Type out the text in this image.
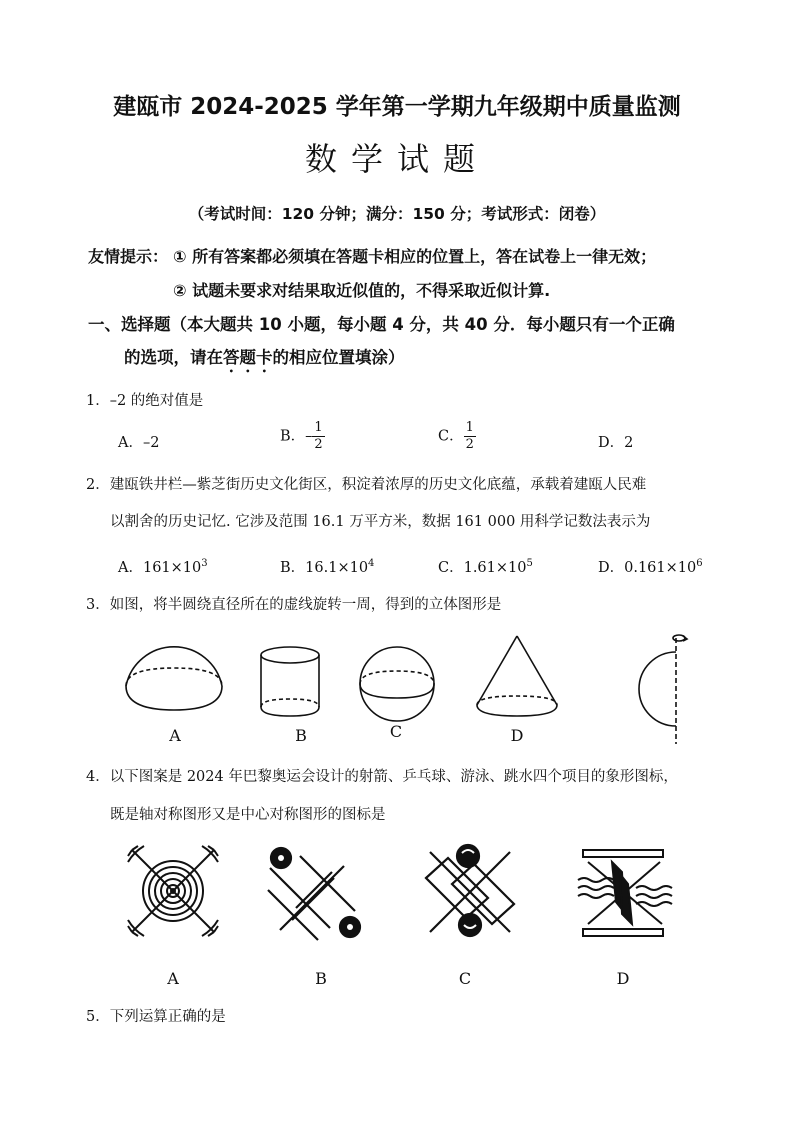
建瓯市 2024-2025 学年第一学期九年级期中质量监测
数学试题
（考试时间：120 分钟；满分：150 分；考试形式：闭卷）
友情提示： ① 所有答案都必须填在答题卡相应的位置上，答在试卷上一律无效；
② 试题未要求对结果取近似值的，不得采取近似计算.
一、选择题（本大题共 10 小题，每小题 4 分，共 40 分．每小题只有一个正确
的选项，请在答题卡的相应位置填涂）
1．–2 的绝对值是
A．–2	B．– $\frac{1}{2}$	C． $\frac{1}{2}$	D．2
2．建瓯铁井栏—紫芝街历史文化街区，积淀着浓厚的历史文化底蕴，承载着建瓯人民难
以割舍的历史记忆. 它涉及范围 16.1 万平方米，数据 161 000 用科学记数法表示为
A．$161\times 10^3$	B．$16.1\times 10^4$	C．$1.61\times 10^5$	D．$0.161\times 10^6$
3．如图，将半圆绕直径所在的虚线旋转一周，得到的立体图形是
A	B	C	D
4．以下图案是 2024 年巴黎奥运会设计的射箭、乒乓球、游泳、跳水四个项目的象形图标，
既是轴对称图形又是中心对称图形的图标是
A	B	C	D
5．下列运算正确的是
